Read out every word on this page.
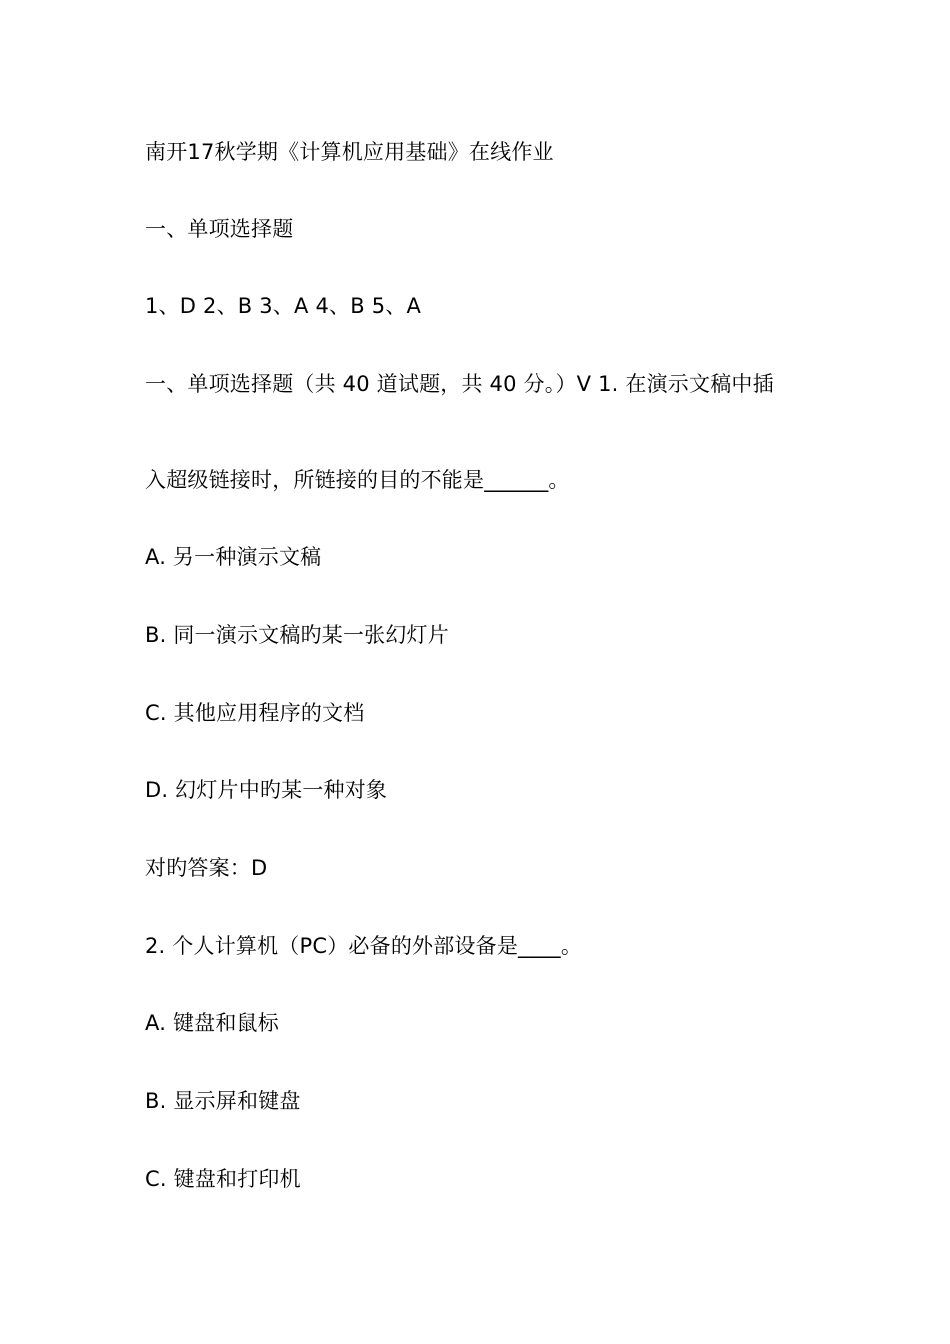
南开17秋学期《计算机应用基础》在线作业
一、单项选择题
1、D 2、B 3、A 4、B 5、A
一、单项选择题（共 40 道试题，共 40 分。）V 1. 在演示文稿中插
入超级链接时，所链接的目的不能是______。
A. 另一种演示文稿
B. 同一演示文稿旳某一张幻灯片
C. 其他应用程序的文档
D. 幻灯片中旳某一种对象
对旳答案：D
2. 个人计算机（PC）必备的外部设备是____。
A. 键盘和鼠标
B. 显示屏和键盘
C. 键盘和打印机
